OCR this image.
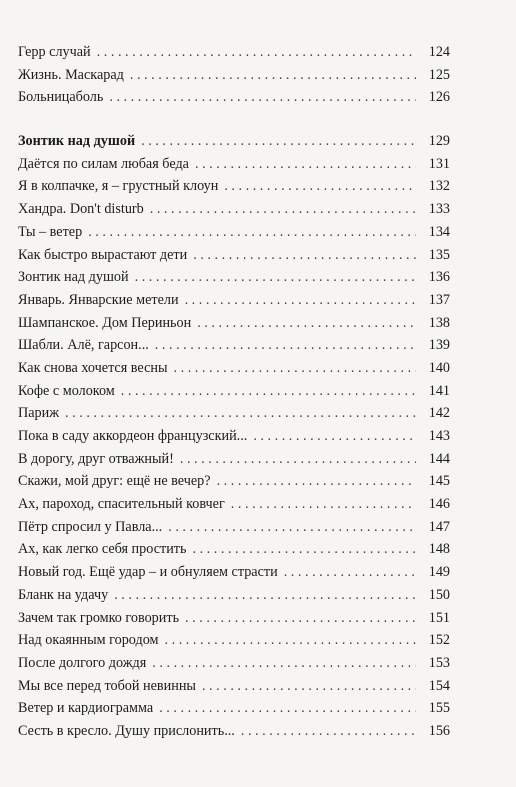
Герр случай . . .	124
Жизнь. Маскарад . . .	125
Больницаболь . . .	126
Зонтик над душой . . .	129
Даётся по силам любая беда . . .	131
Я в колпачке, я – грустный клоун . . .	132
Хандра. Don't disturb . . .	133
Ты – ветер . . .	134
Как быстро вырастают дети . . .	135
Зонтик над душой . . .	136
Январь. Январские метели . . .	137
Шампанское. Дом Периньон . . .	138
Шабли. Алё, гарсон... . . .	139
Как снова хочется весны . . .	140
Кофе с молоком . . .	141
Париж . . .	142
Пока в саду аккордеон французский... . . .	143
В дорогу, друг отважный! . . .	144
Скажи, мой друг: ещё не вечер? . . .	145
Ах, пароход, спасительный ковчег . . .	146
Пётр спросил у Павла... . . .	147
Ах, как легко себя простить . . .	148
Новый год. Ещё удар – и обнуляем страсти . . .	149
Бланк на удачу . . .	150
Зачем так громко говорить . . .	151
Над окаянным городом . . .	152
После долгого дождя . . .	153
Мы все перед тобой невинны . . .	154
Ветер и кардиограмма . . .	155
Сесть в кресло. Душу прислонить... . . .	156
